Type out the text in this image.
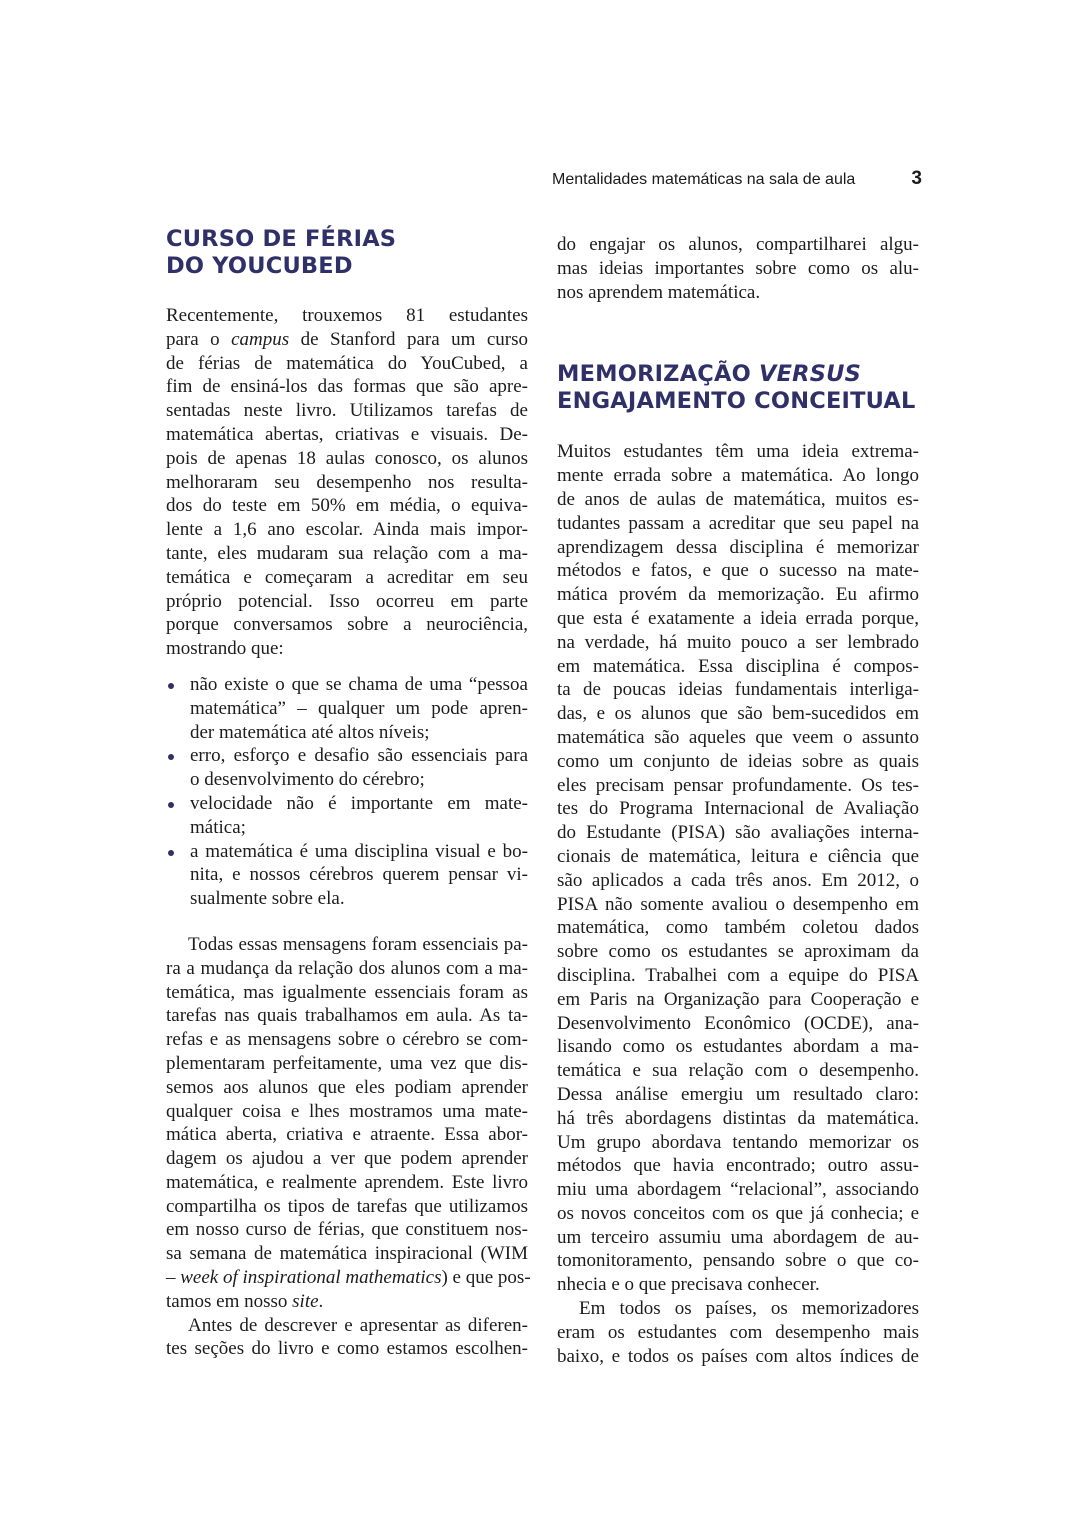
Mentalidades matemáticas na sala de aula	3
CURSO DE FÉRIAS
DO YOUCUBED
Recentemente, trouxemos 81 estudantes
para o campus de Stanford para um curso
de férias de matemática do YouCubed, a
fim de ensiná-los das formas que são apre-
sentadas neste livro. Utilizamos tarefas de
matemática abertas, criativas e visuais. De-
pois de apenas 18 aulas conosco, os alunos
melhoraram seu desempenho nos resulta-
dos do teste em 50% em média, o equiva-
lente a 1,6 ano escolar. Ainda mais impor-
tante, eles mudaram sua relação com a ma-
temática e começaram a acreditar em seu
próprio potencial. Isso ocorreu em parte
porque conversamos sobre a neurociência,
mostrando que:
não existe o que se chama de uma “pessoa
matemática” – qualquer um pode apren-
der matemática até altos níveis;
erro, esforço e desafio são essenciais para
o desenvolvimento do cérebro;
velocidade não é importante em mate-
mática;
a matemática é uma disciplina visual e bo-
nita, e nossos cérebros querem pensar vi-
sualmente sobre ela.
Todas essas mensagens foram essenciais pa-
ra a mudança da relação dos alunos com a ma-
temática, mas igualmente essenciais foram as
tarefas nas quais trabalhamos em aula. As ta-
refas e as mensagens sobre o cérebro se com-
plementaram perfeitamente, uma vez que dis-
semos aos alunos que eles podiam aprender
qualquer coisa e lhes mostramos uma mate-
mática aberta, criativa e atraente. Essa abor-
dagem os ajudou a ver que podem aprender
matemática, e realmente aprendem. Este livro
compartilha os tipos de tarefas que utilizamos
em nosso curso de férias, que constituem nos-
sa semana de matemática inspiracional (WIM
– week of inspirational mathematics) e que pos-
tamos em nosso site.
Antes de descrever e apresentar as diferen-
tes seções do livro e como estamos escolhen-
do engajar os alunos, compartilharei algu-
mas ideias importantes sobre como os alu-
nos aprendem matemática.
MEMORIZAÇÃO VERSUS
ENGAJAMENTO CONCEITUAL
Muitos estudantes têm uma ideia extrema-
mente errada sobre a matemática. Ao longo
de anos de aulas de matemática, muitos es-
tudantes passam a acreditar que seu papel na
aprendizagem dessa disciplina é memorizar
métodos e fatos, e que o sucesso na mate-
mática provém da memorização. Eu afirmo
que esta é exatamente a ideia errada porque,
na verdade, há muito pouco a ser lembrado
em matemática. Essa disciplina é compos-
ta de poucas ideias fundamentais interliga-
das, e os alunos que são bem-sucedidos em
matemática são aqueles que veem o assunto
como um conjunto de ideias sobre as quais
eles precisam pensar profundamente. Os tes-
tes do Programa Internacional de Avaliação
do Estudante (PISA) são avaliações interna-
cionais de matemática, leitura e ciência que
são aplicados a cada três anos. Em 2012, o
PISA não somente avaliou o desempenho em
matemática, como também coletou dados
sobre como os estudantes se aproximam da
disciplina. Trabalhei com a equipe do PISA
em Paris na Organização para Cooperação e
Desenvolvimento Econômico (OCDE), ana-
lisando como os estudantes abordam a ma-
temática e sua relação com o desempenho.
Dessa análise emergiu um resultado claro:
há três abordagens distintas da matemática.
Um grupo abordava tentando memorizar os
métodos que havia encontrado; outro assu-
miu uma abordagem “relacional”, associando
os novos conceitos com os que já conhecia; e
um terceiro assumiu uma abordagem de au-
tomonitoramento, pensando sobre o que co-
nhecia e o que precisava conhecer.
Em todos os países, os memorizadores
eram os estudantes com desempenho mais
baixo, e todos os países com altos índices de
